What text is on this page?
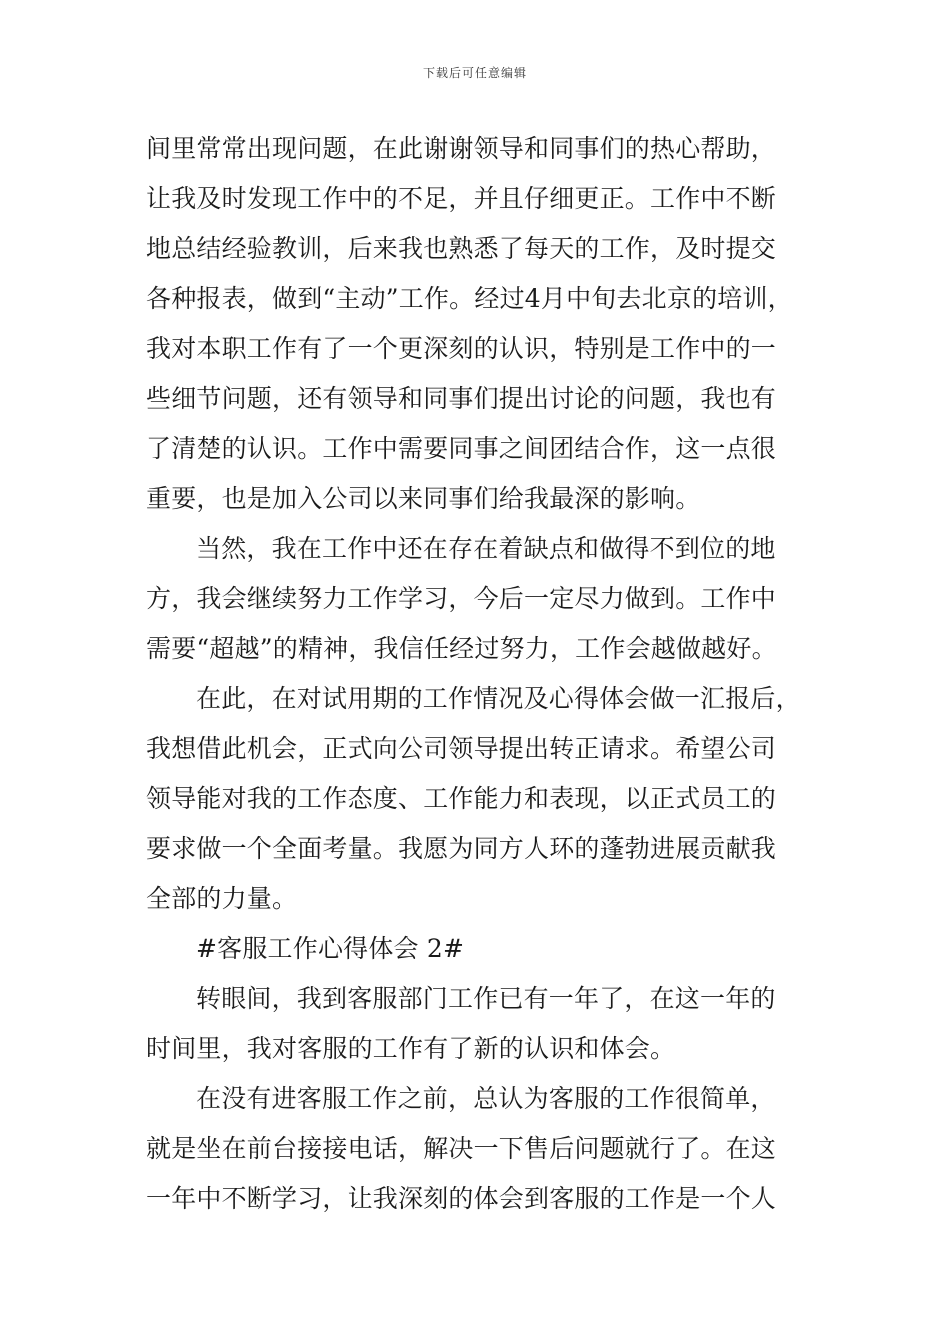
下载后可任意编辑
间里常常出现问题，在此谢谢领导和同事们的热心帮助，
让我及时发现工作中的不足，并且仔细更正。工作中不断
地总结经验教训，后来我也熟悉了每天的工作，及时提交
各种报表，做到“主动”工作。经过4月中旬去北京的培训，
我对本职工作有了一个更深刻的认识，特别是工作中的一
些细节问题，还有领导和同事们提出讨论的问题，我也有
了清楚的认识。工作中需要同事之间团结合作，这一点很
重要，也是加入公司以来同事们给我最深的影响。
当然，我在工作中还在存在着缺点和做得不到位的地
方，我会继续努力工作学习，今后一定尽力做到。工作中
需要“超越”的精神，我信任经过努力，工作会越做越好。
在此，在对试用期的工作情况及心得体会做一汇报后，
我想借此机会，正式向公司领导提出转正请求。希望公司
领导能对我的工作态度、工作能力和表现，以正式员工的
要求做一个全面考量。我愿为同方人环的蓬勃进展贡献我
全部的力量。
#客服工作心得体会 2#
转眼间，我到客服部门工作已有一年了，在这一年的
时间里，我对客服的工作有了新的认识和体会。
在没有进客服工作之前，总认为客服的工作很简单，
就是坐在前台接接电话，解决一下售后问题就行了。在这
一年中不断学习，让我深刻的体会到客服的工作是一个人
